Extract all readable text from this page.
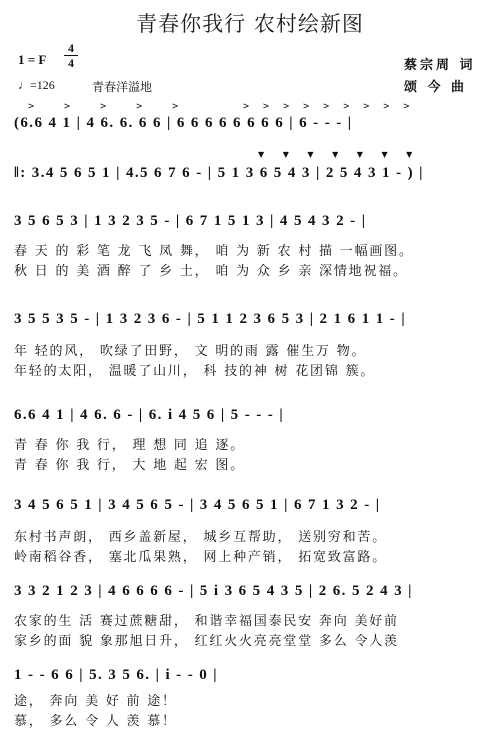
青春你我行 农村绘新图
1 = F
4
4
♩=126	青春洋溢地
蔡宗周 词
颂 今 曲
> > > > >	> > > > > > > > >
▼ ▼ ▼ ▼ ▼ ▼ ▼
(6.6 4 1 | 4 6. 6. 6 6 | 6 6 6 6 6 6 6 6 | 6 - - - |
‖: 3.4 5 6 5 1 | 4.5 6 7 6 - | 5 1 3 6 5 4 3 | 2 5 4 3 1 - ) |
3 5 6 5 3 | 1 3 2 3 5 - | 6 7 1 5 1 3 | 4 5 4 3 2 - |
春 天 的 彩 笔 龙 飞 凤 舞， 咱 为 新 农 村 描 一幅画图。
秋 日 的 美 酒 醉 了 乡 土， 咱 为 众 乡 亲 深情地祝福。
3 5 5 3 5 - | 1 3 2 3 6 - | 5 1 1 2 3 6 5 3 | 2 1 6 1 1 - |
年 轻的风， 吹绿了田野， 文 明的雨 露 催生万 物。
年轻的太阳， 温暖了山川， 科 技的神 树 花团锦 簇。
6.6 4 1 | 4 6. 6 - | 6. i 4 5 6 | 5 - - - |
青 春 你 我 行， 理 想 同 追 逐。
青 春 你 我 行， 大 地 起 宏 图。
3 4 5 6 5 1 | 3 4 5 6 5 - | 3 4 5 6 5 1 | 6 7 1 3 2 - |
东村书声朗， 西乡盖新屋， 城乡互帮助， 送别穷和苦。
岭南稻谷香， 塞北瓜果熟， 网上种产销， 拓宽致富路。
3 3 2 1 2 3 | 4 6 6 6 6 - | 5 i 3 6 5 4 3 5 | 2 6. 5 2 4 3 |
农家的生 活 赛过蔗糖甜， 和谐幸福国泰民安 奔向 美好前
家乡的面 貌 象那旭日升， 红红火火亮亮堂堂 多么 令人羡
1 - - 6 6 | 5. 3 5 6. | i - - 0 |
途， 奔向 美 好 前 途！
慕， 多么 令 人 羡 慕！
